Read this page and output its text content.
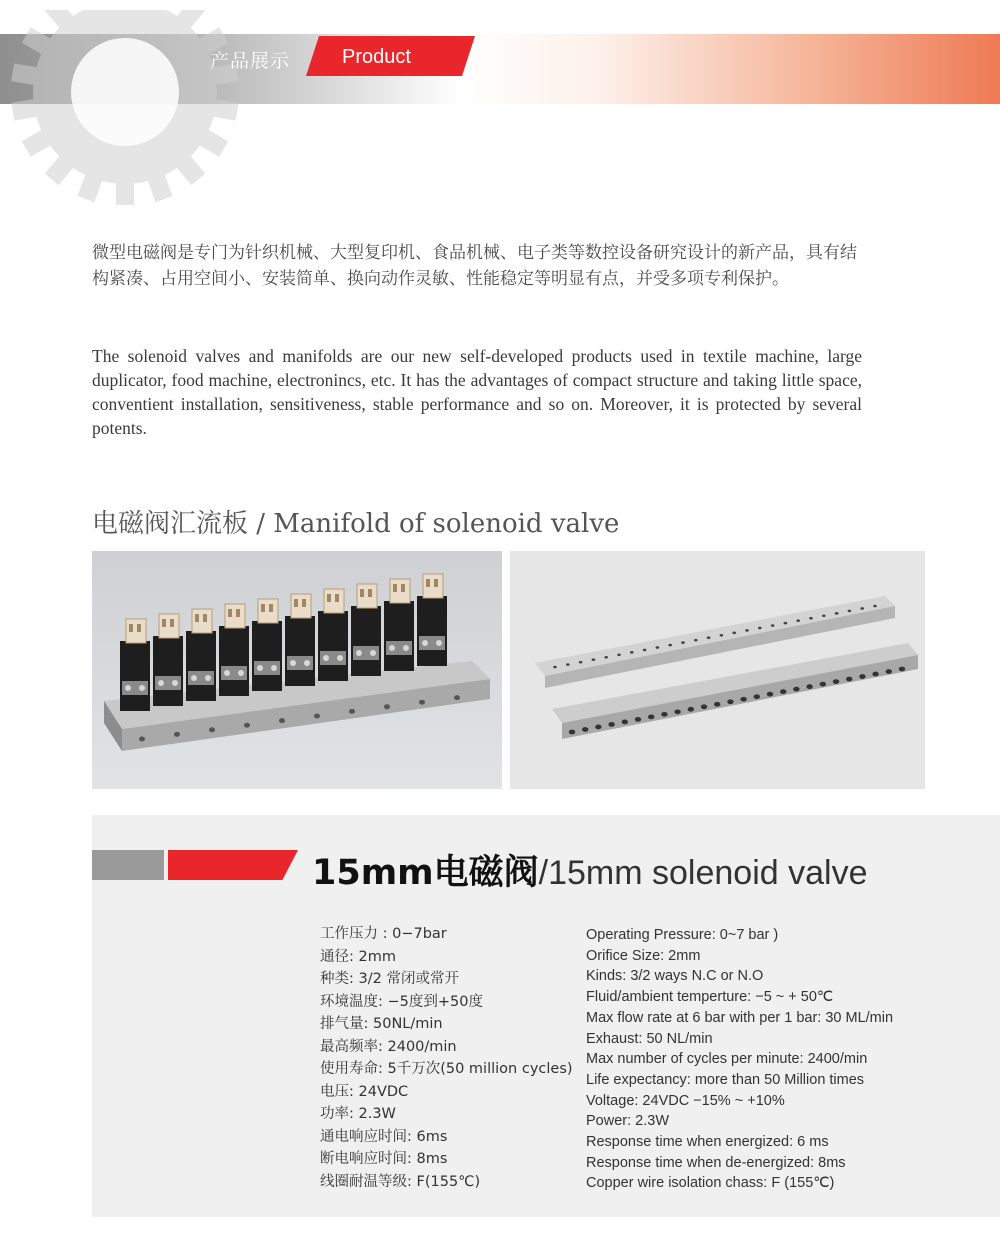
产品展示	Product
微型电磁阀是专门为针织机械、大型复印机、食品机械、电子类等数控设备研究设计的新产品，具有结构紧凑、占用空间小、安装简单、换向动作灵敏、性能稳定等明显有点，并受多项专利保护。
The solenoid valves and manifolds are our new self-developed products used in textile machine, large duplicator, food machine, electronincs, etc. It has the advantages of compact structure and taking little space, conventient installation, sensitiveness, stable performance and so on. Moreover, it is protected by several potents.
电磁阀汇流板 / Manifold of solenoid valve
15mm电磁阀/15mm solenoid valve
工作压力 : 0−7bar
通径: 2mm
种类: 3/2 常闭或常开
环境温度: −5度到+50度
排气量: 50NL/min
最高频率: 2400/min
使用寿命: 5千万次(50 million cycles)
电压: 24VDC
功率: 2.3W
通电响应时间: 6ms
断电响应时间: 8ms
线圈耐温等级: F(155℃)
Operating Pressure: 0~7 bar )
Orifice Size: 2mm
Kinds: 3/2 ways N.C or N.O
Fluid/ambient temperture: −5 ~ + 50℃
Max flow rate at 6 bar with per 1 bar: 30 ML/min
Exhaust: 50 NL/min
Max number of cycles per minute: 2400/min
Life expectancy: more than 50 Million times
Voltage: 24VDC −15% ~ +10%
Power: 2.3W
Response time when energized: 6 ms
Response time when de-energized: 8ms
Copper wire isolation chass: F (155℃)
